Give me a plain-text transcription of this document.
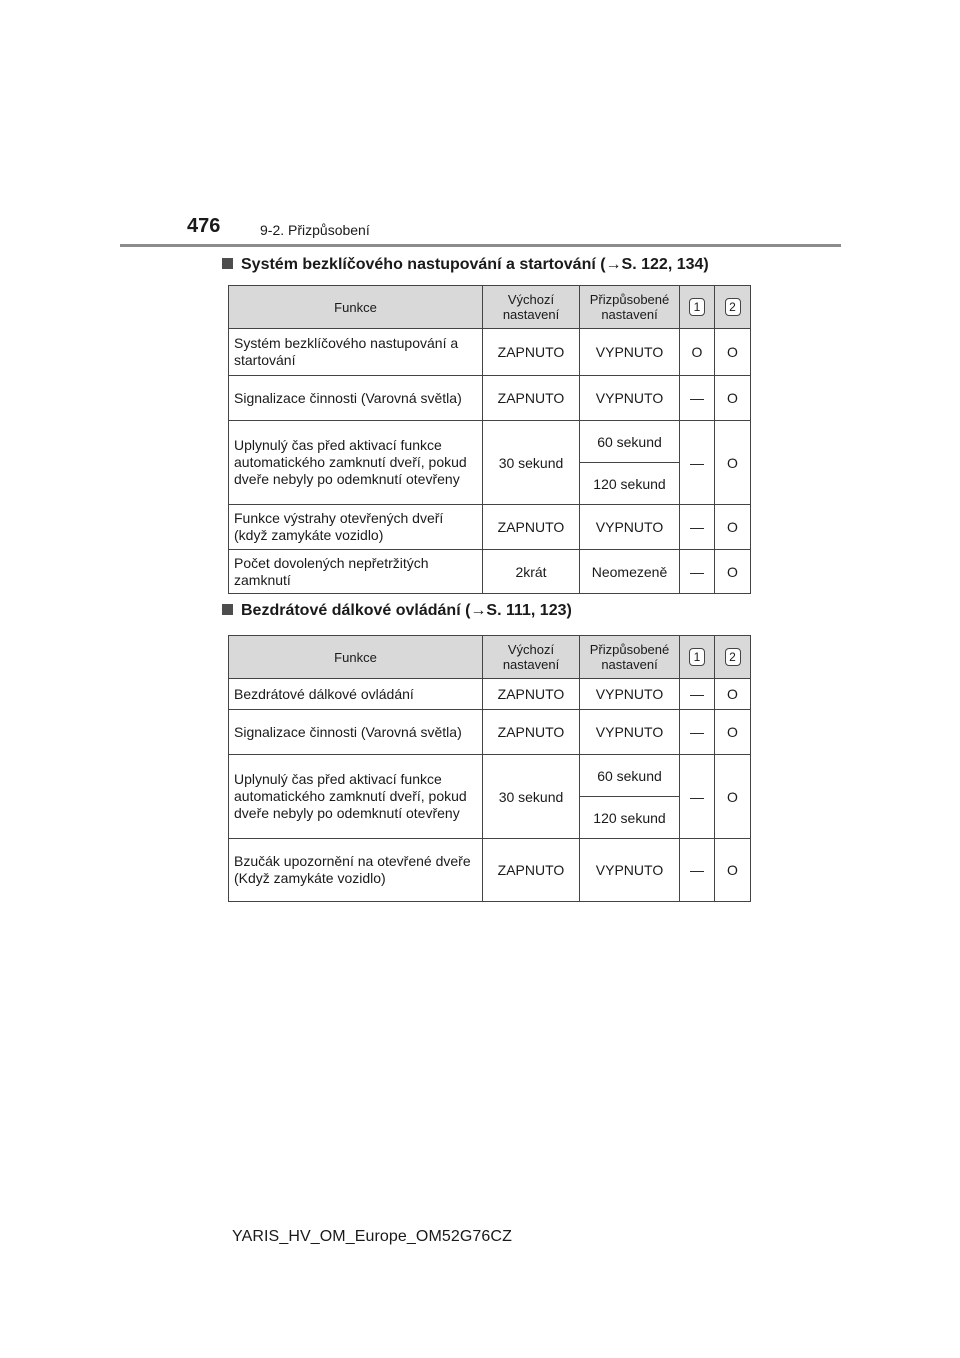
476	9-2. Přizpůsobení
Systém bezklíčového nastupování a startování (→S. 122, 134)
Funkce	Výchozí nastavení	Přizpůsobené nastavení	1	2
Systém bezklíčového nastupování a startování	ZAPNUTO	VYPNUTO	O	O
Signalizace činnosti (Varovná světla)	ZAPNUTO	VYPNUTO	—	O
Uplynulý čas před aktivací funkce automatického zamknutí dveří, pokud dveře nebyly po odemknutí otevřeny	30 sekund	60 sekund	—	O
		120 sekund		
Funkce výstrahy otevřených dveří (když zamykáte vozidlo)	ZAPNUTO	VYPNUTO	—	O
Počet dovolených nepřetržitých zamknutí	2krát	Neomezeně	—	O
Bezdrátové dálkové ovládání (→S. 111, 123)
Funkce	Výchozí nastavení	Přizpůsobené nastavení	1	2
Bezdrátové dálkové ovládání	ZAPNUTO	VYPNUTO	—	O
Signalizace činnosti (Varovná světla)	ZAPNUTO	VYPNUTO	—	O
Uplynulý čas před aktivací funkce automatického zamknutí dveří, pokud dveře nebyly po odemknutí otevřeny	30 sekund	60 sekund	—	O
		120 sekund		
Bzučák upozornění na otevřené dveře (Když zamykáte vozidlo)	ZAPNUTO	VYPNUTO	—	O
YARIS_HV_OM_Europe_OM52G76CZ
